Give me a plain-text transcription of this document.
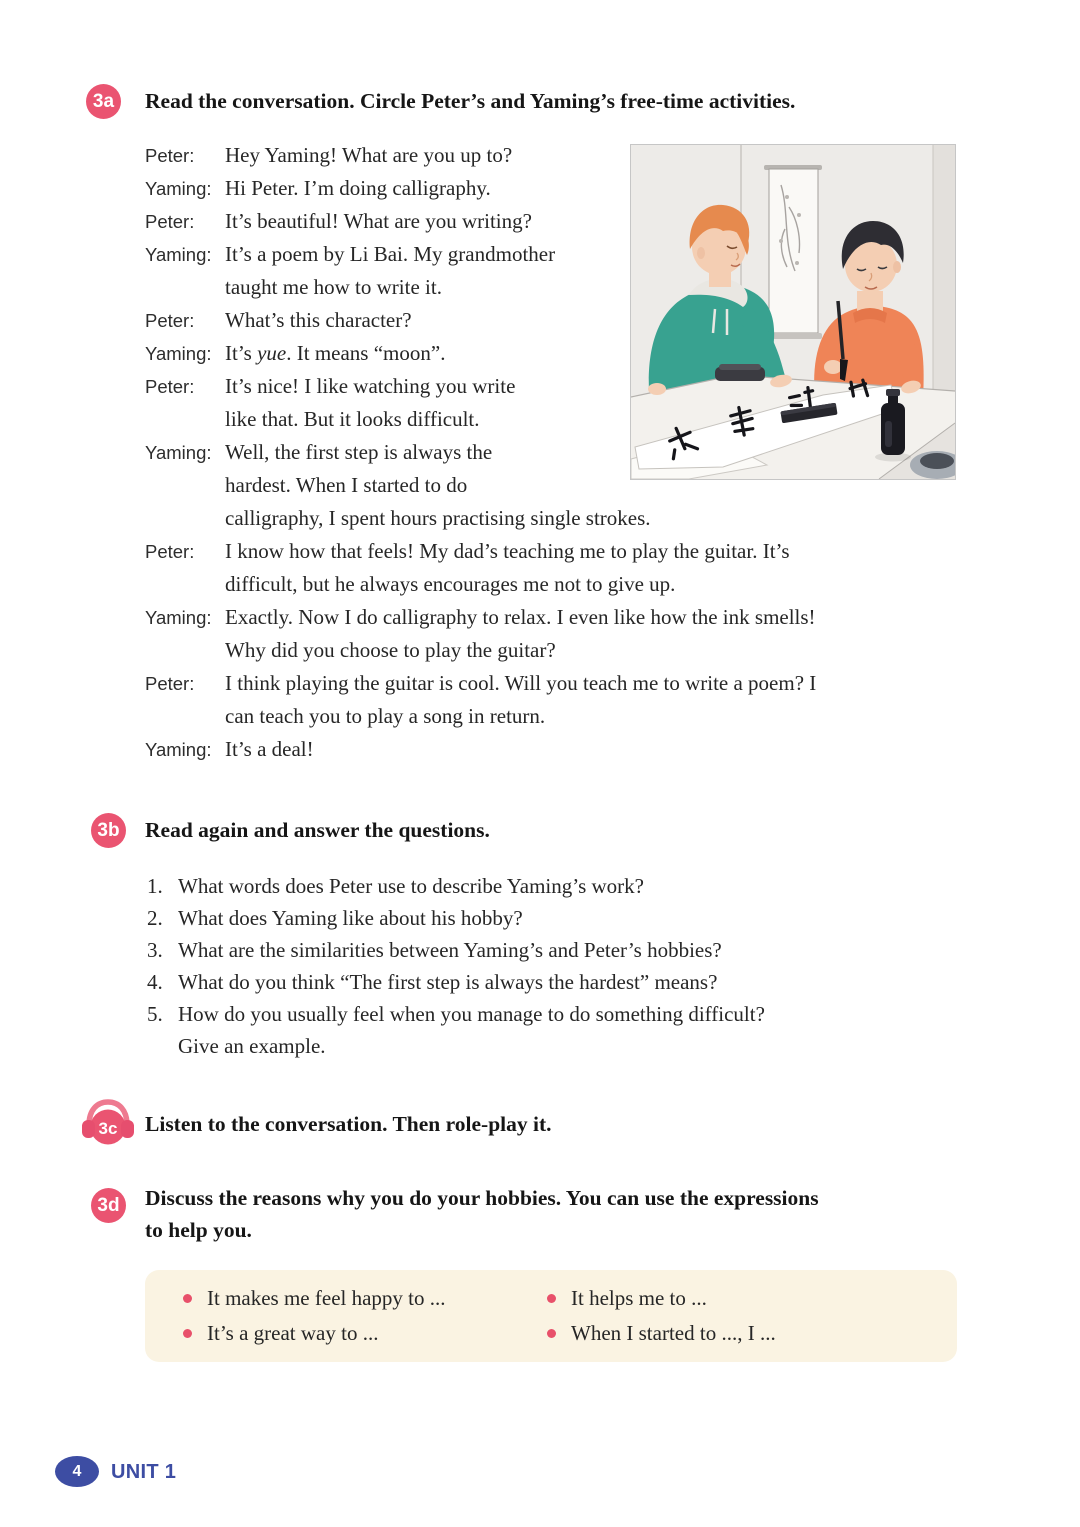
3a	Read the conversation. Circle Peter’s and Yaming’s free-time activities.
Peter: Hey Yaming! What are you up to?
Yaming: Hi Peter. I’m doing calligraphy.
Peter: It’s beautiful! What are you writing?
Yaming: It’s a poem by Li Bai. My grandmother
taught me how to write it.
Peter: What’s this character?
Yaming: It’s yue. It means “moon”.
Peter: It’s nice! I like watching you write
like that. But it looks difficult.
Yaming: Well, the first step is always the
hardest. When I started to do
calligraphy, I spent hours practising single strokes.
Peter: I know how that feels! My dad’s teaching me to play the guitar. It’s
difficult, but he always encourages me not to give up.
Yaming: Exactly. Now I do calligraphy to relax. I even like how the ink smells!
Why did you choose to play the guitar?
Peter: I think playing the guitar is cool. Will you teach me to write a poem? I
can teach you to play a song in return.
Yaming: It’s a deal!
3b Read again and answer the questions.
1. What words does Peter use to describe Yaming’s work?
2. What does Yaming like about his hobby?
3. What are the similarities between Yaming’s and Peter’s hobbies?
4. What do you think “The first step is always the hardest” means?
5. How do you usually feel when you manage to do something difficult?
Give an example.
3c Listen to the conversation. Then role-play it.
3d Discuss the reasons why you do your hobbies. You can use the expressions
to help you.
It makes me feel happy to ...
It’s a great way to ...
It helps me to ...
When I started to ..., I ...
4	UNIT 1
